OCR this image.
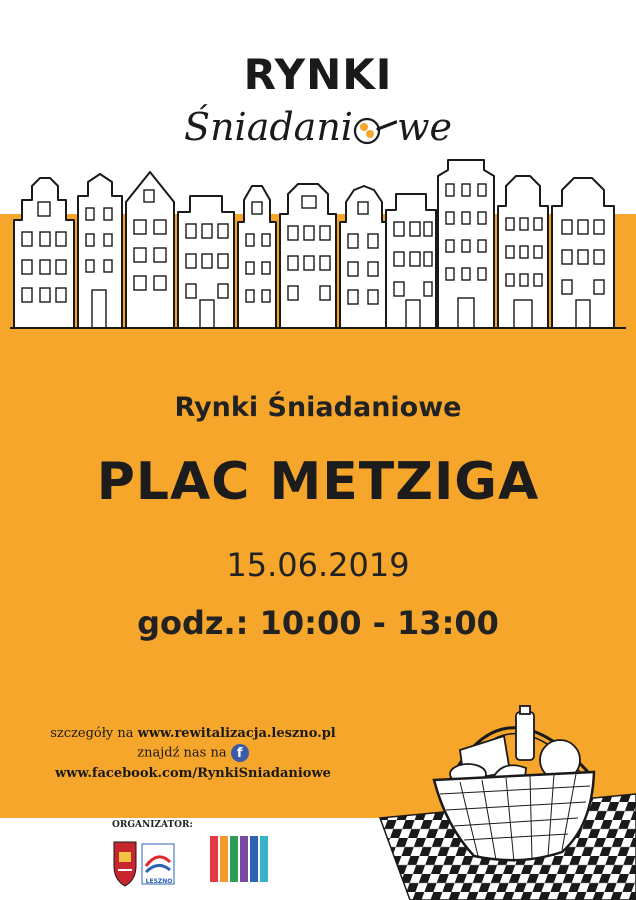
RYNKI
Śniadani we
Rynki Śniadaniowe
PLAC METZIGA
15.06.2019
godz.: 10:00 - 13:00
szczegóły na www.rewitalizacja.leszno.pl
znajdź nas na f
www.facebook.com/RynkiSniadaniowe
ORGANIZATOR:
LESZNO
